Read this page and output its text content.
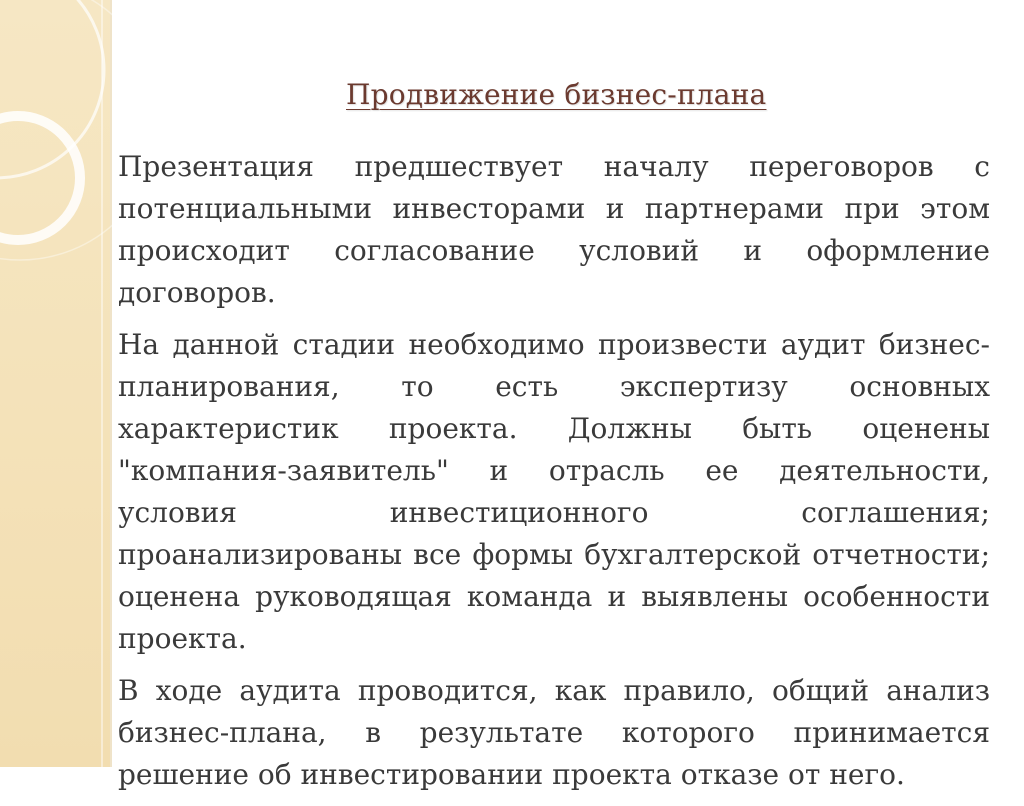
Продвижение бизнес-плана

Презентация предшествует началу переговоров с потенциальными инвесторами и партнерами при этом происходит согласование условий и оформление договоров.

На данной стадии необходимо произвести аудит бизнес-планирования, то есть экспертизу основных характеристик проекта. Должны быть оценены "компания-заявитель" и отрасль ее деятельности, условия инвестиционного соглашения; проанализированы все формы бухгалтерской отчетности; оценена руководящая команда и выявлены особенности проекта.

В ходе аудита проводится, как правило, общий анализ бизнес-плана, в результате которого принимается решение об инвестировании проекта отказе от него.
